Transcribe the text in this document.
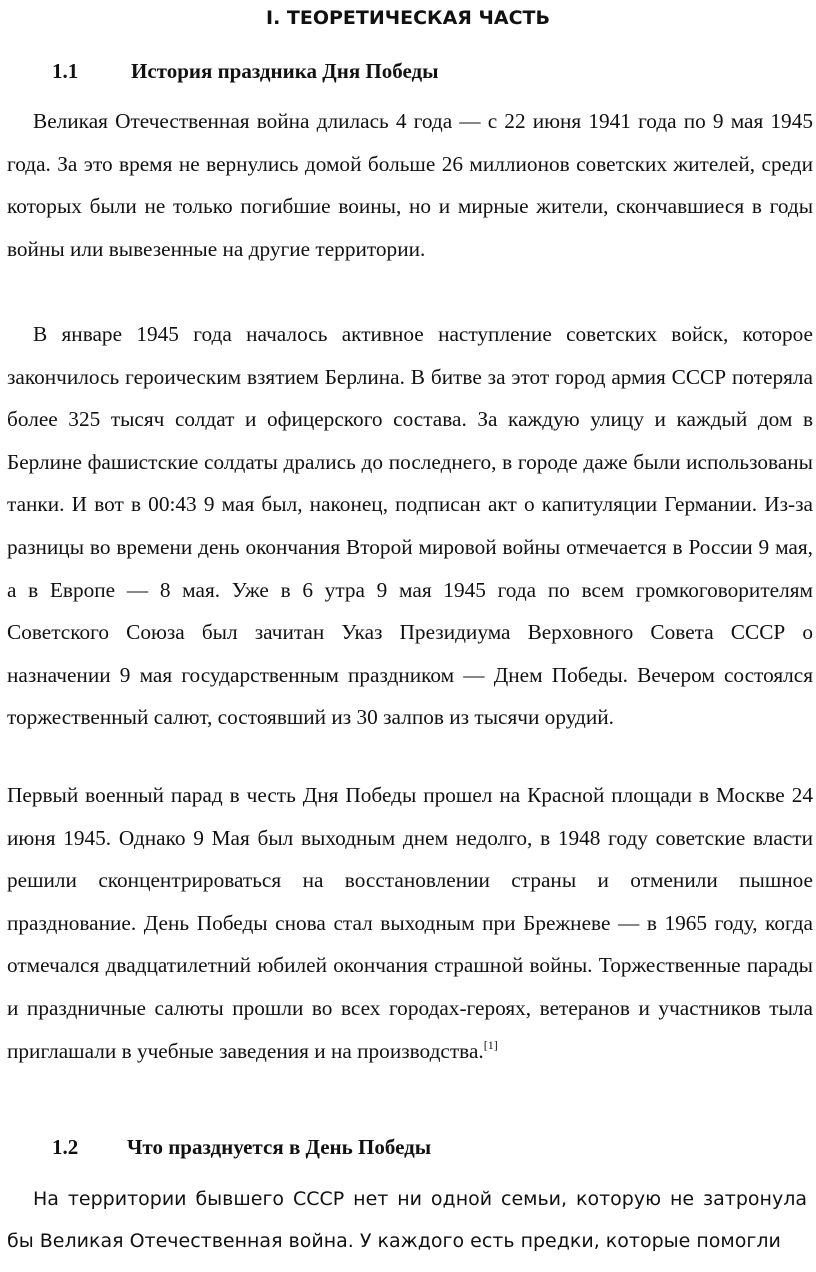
I. ТЕОРЕТИЧЕСКАЯ ЧАСТЬ
1.1	История праздника Дня Победы

Великая Отечественная война длилась 4 года — с 22 июня 1941 года по 9 мая 1945 года. За это время не вернулись домой больше 26 миллионов советских жителей, среди которых были не только погибшие воины, но и мирные жители, скончавшиеся в годы войны или вывезенные на другие территории.

В январе 1945 года началось активное наступление советских войск, которое закончилось героическим взятием Берлина. В битве за этот город армия СССР потеряла более 325 тысяч солдат и офицерского состава. За каждую улицу и каждый дом в Берлине фашистские солдаты дрались до последнего, в городе даже были использованы танки. И вот в 00:43 9 мая был, наконец, подписан акт о капитуляции Германии. Из-за разницы во времени день окончания Второй мировой войны отмечается в России 9 мая, а в Европе — 8 мая. Уже в 6 утра 9 мая 1945 года по всем громкоговорителям Советского Союза был зачитан Указ Президиума Верховного Совета СССР о назначении 9 мая государственным праздником — Днем Победы. Вечером состоялся торжественный салют, состоявший из 30 залпов из тысячи орудий.

Первый военный парад в честь Дня Победы прошел на Красной площади в Москве 24 июня 1945. Однако 9 Мая был выходным днем недолго, в 1948 году советские власти решили сконцентрироваться на восстановлении страны и отменили пышное празднование. День Победы снова стал выходным при Брежневе — в 1965 году, когда отмечался двадцатилетний юбилей окончания страшной войны. Торжественные парады и праздничные салюты прошли во всех городах-героях, ветеранов и участников тыла приглашали в учебные заведения и на производства.[1]

1.2 Что празднуется в День Победы

На территории бывшего СССР нет ни одной семьи, которую не затронула бы Великая Отечественная война. У каждого есть предки, которые помогли
